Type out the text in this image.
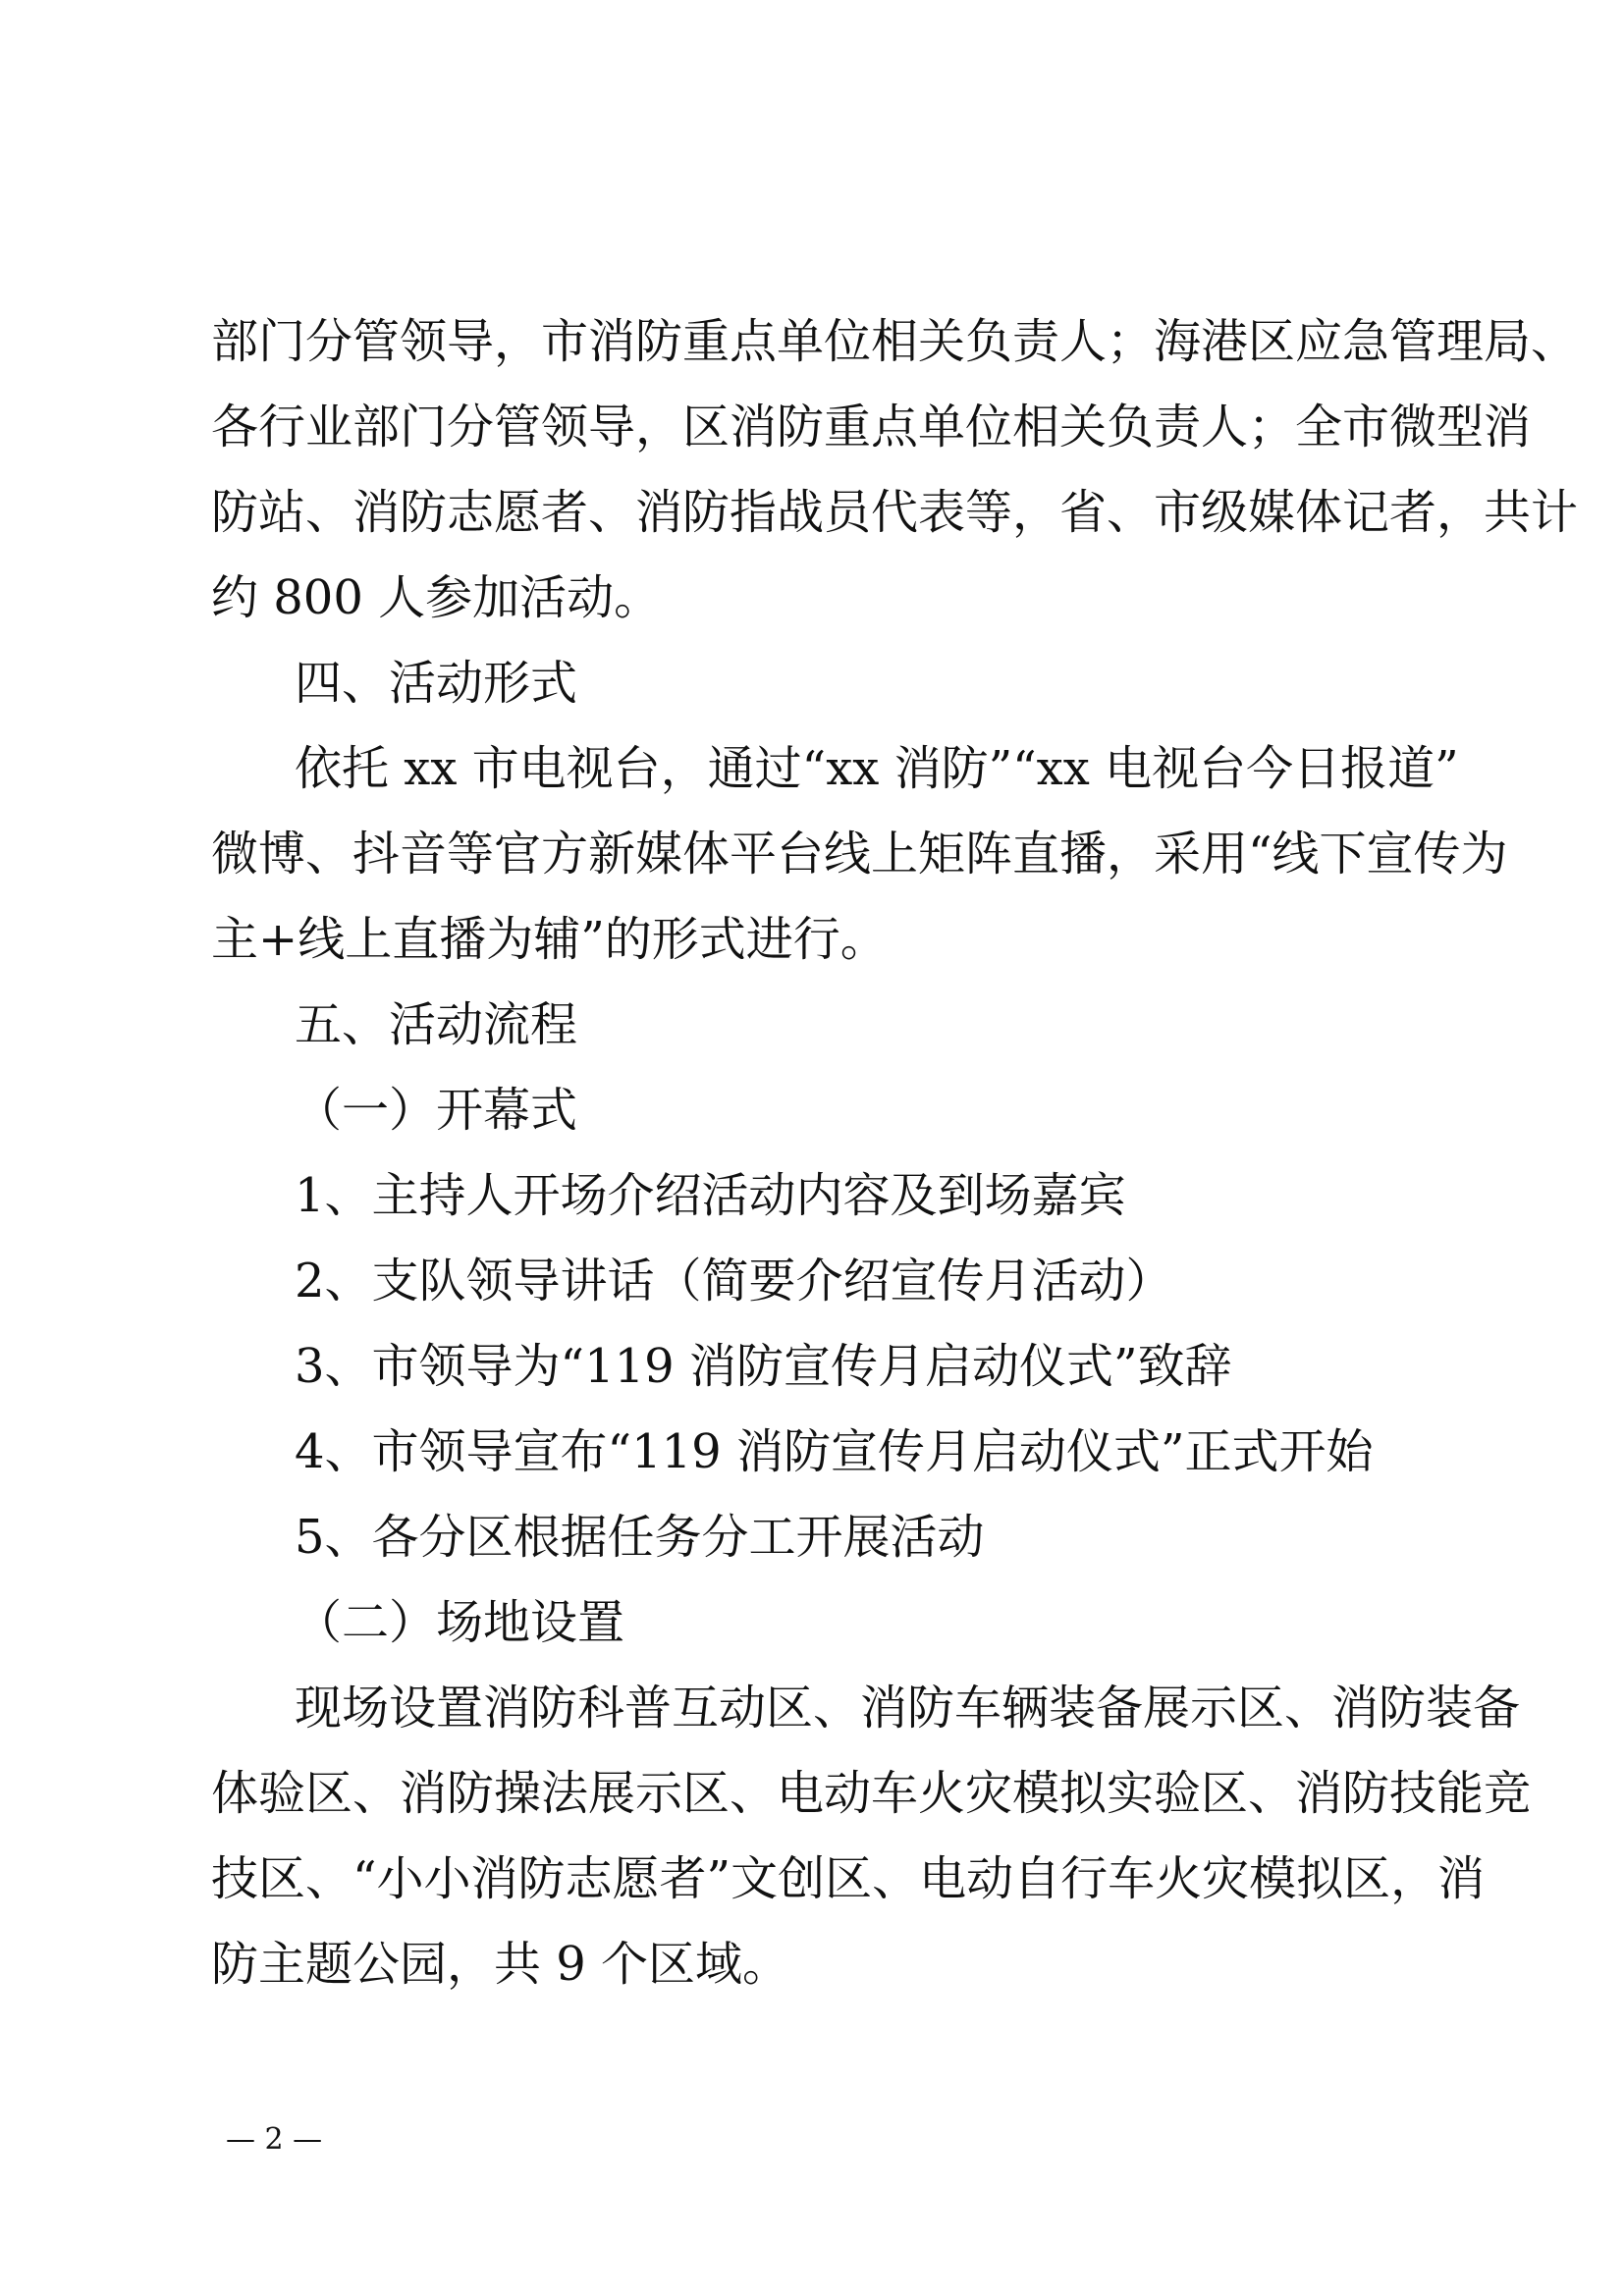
部门分管领导，市消防重点单位相关负责人；海港区应急管理局、
各行业部门分管领导，区消防重点单位相关负责人；全市微型消
防站、消防志愿者、消防指战员代表等，省、市级媒体记者，共计
约 800 人参加活动。
四、活动形式
依托 xx 市电视台，通过“xx 消防”“xx 电视台今日报道”
微博、抖音等官方新媒体平台线上矩阵直播，采用“线下宣传为
主+线上直播为辅”的形式进行。
五、活动流程
（一）开幕式
1、主持人开场介绍活动内容及到场嘉宾
2、支队领导讲话（简要介绍宣传月活动）
3、市领导为“119 消防宣传月启动仪式”致辞
4、市领导宣布“119 消防宣传月启动仪式”正式开始
5、各分区根据任务分工开展活动
（二）场地设置
现场设置消防科普互动区、消防车辆装备展示区、消防装备
体验区、消防操法展示区、电动车火灾模拟实验区、消防技能竞
技区、“小小消防志愿者”文创区、电动自行车火灾模拟区，消
防主题公园，共 9 个区域。
— 2 —
